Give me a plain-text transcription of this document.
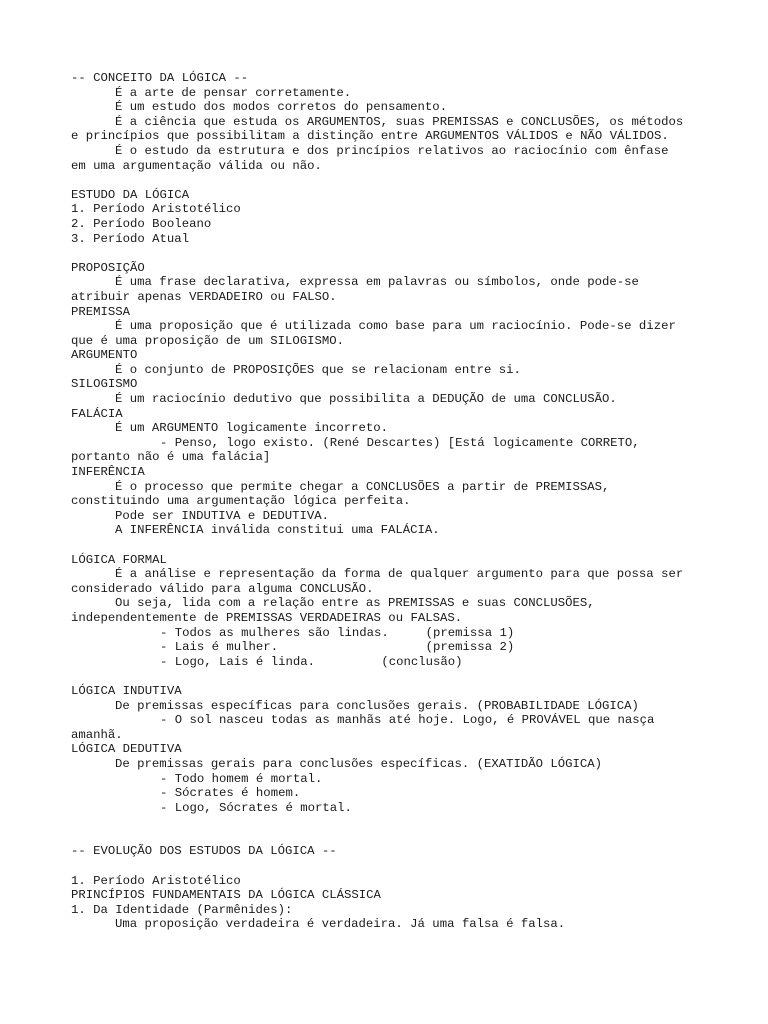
-- CONCEITO DA LÓGICA --
É a arte de pensar corretamente.
É um estudo dos modos corretos do pensamento.
É a ciência que estuda os ARGUMENTOS, suas PREMISSAS e CONCLUSÕES, os métodos
e princípios que possibilitam a distinção entre ARGUMENTOS VÁLIDOS e NÃO VÁLIDOS.
É o estudo da estrutura e dos princípios relativos ao raciocínio com ênfase
em uma argumentação válida ou não.
ESTUDO DA LÓGICA
1. Período Aristotélico
2. Período Booleano
3. Período Atual
PROPOSIÇÃO
É uma frase declarativa, expressa em palavras ou símbolos, onde pode-se
atribuir apenas VERDADEIRO ou FALSO.
PREMISSA
É uma proposição que é utilizada como base para um raciocínio. Pode-se dizer
que é uma proposição de um SILOGISMO.
ARGUMENTO
É o conjunto de PROPOSIÇÕES que se relacionam entre si.
SILOGISMO
É um raciocínio dedutivo que possibilita a DEDUÇÃO de uma CONCLUSÃO.
FALÁCIA
É um ARGUMENTO logicamente incorreto.
- Penso, logo existo. (René Descartes) [Está logicamente CORRETO,
portanto não é uma falácia]
INFERÊNCIA
É o processo que permite chegar a CONCLUSÕES a partir de PREMISSAS,
constituindo uma argumentação lógica perfeita.
Pode ser INDUTIVA e DEDUTIVA.
A INFERÊNCIA inválida constitui uma FALÁCIA.
LÓGICA FORMAL
É a análise e representação da forma de qualquer argumento para que possa ser
considerado válido para alguma CONCLUSÃO.
Ou seja, lida com a relação entre as PREMISSAS e suas CONCLUSÕES,
independentemente de PREMISSAS VERDADEIRAS ou FALSAS.
- Todos as mulheres são lindas.     (premissa 1)
- Lais é mulher.                    (premissa 2)
- Logo, Lais é linda.         (conclusão)
LÓGICA INDUTIVA
De premissas específicas para conclusões gerais. (PROBABILIDADE LÓGICA)
- O sol nasceu todas as manhãs até hoje. Logo, é PROVÁVEL que nasça
amanhã.
LÓGICA DEDUTIVA
De premissas gerais para conclusões específicas. (EXATIDÃO LÓGICA)
- Todo homem é mortal.
- Sócrates é homem.
- Logo, Sócrates é mortal.
-- EVOLUÇÃO DOS ESTUDOS DA LÓGICA --
1. Período Aristotélico
PRINCÍPIOS FUNDAMENTAIS DA LÓGICA CLÁSSICA
1. Da Identidade (Parmênides):
Uma proposição verdadeira é verdadeira. Já uma falsa é falsa.
